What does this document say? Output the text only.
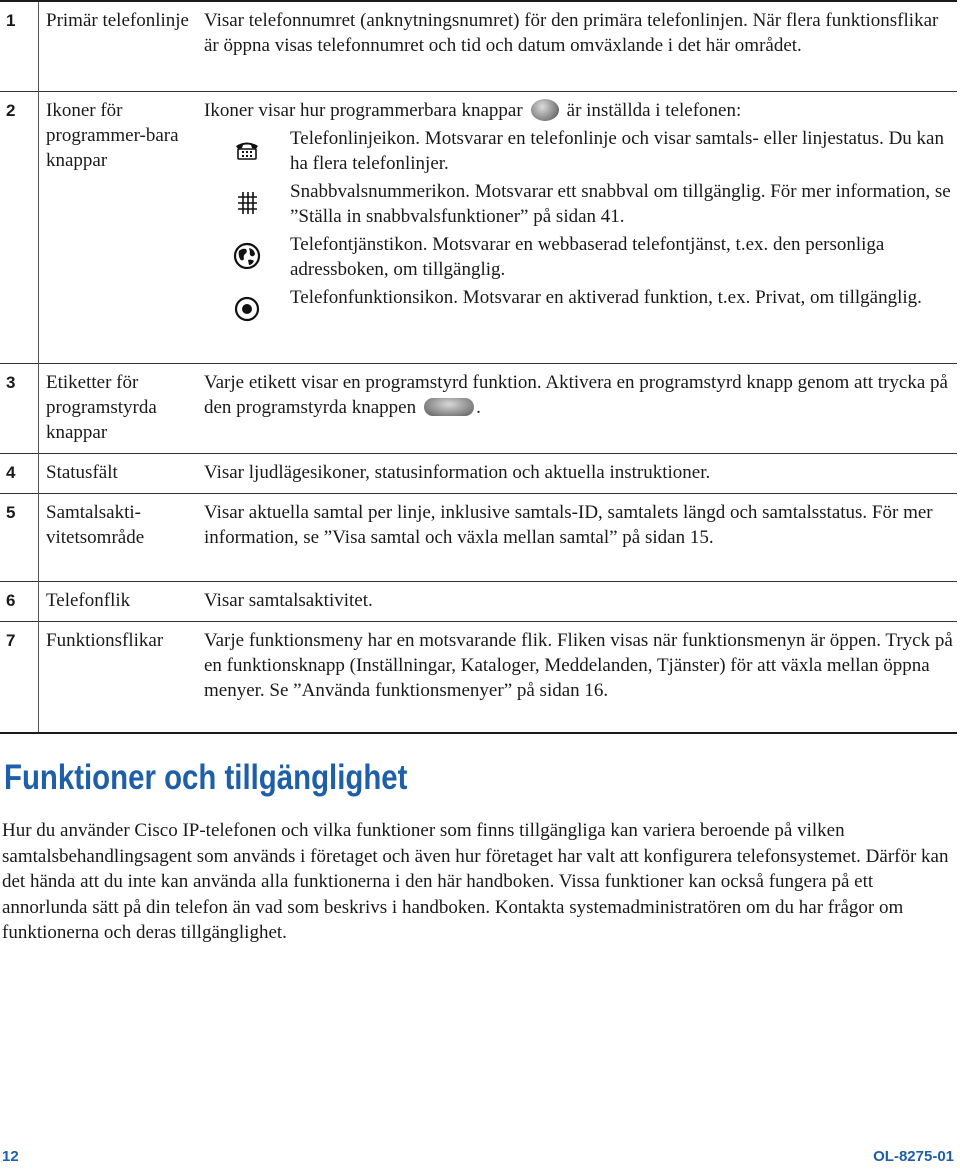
1	Primär telefonlinje	Visar telefonnumret (anknytningsnumret) för den primära telefonlinjen. När flera funktionsflikar är öppna visas telefonnumret och tid och datum omväxlande i det här området.
2	Ikoner för programmer-bara knappar	Ikoner visar hur programmerbara knappar är inställda i telefonen:
Telefonlinjeikon. Motsvarar en telefonlinje och visar samtals- eller linjestatus. Du kan ha flera telefonlinjer.
Snabbvalsnummerikon. Motsvarar ett snabbval om tillgänglig. För mer information, se ”Ställa in snabbvalsfunktioner” på sidan 41.
Telefontjänstikon. Motsvarar en webbaserad telefontjänst, t.ex. den personliga adressboken, om tillgänglig.
Telefonfunktionsikon. Motsvarar en aktiverad funktion, t.ex. Privat, om tillgänglig.

3	Etiketter för programstyrda knappar	Varje etikett visar en programstyrd funktion. Aktivera en programstyrd knapp genom att trycka på den programstyrda knappen .
4	Statusfält	Visar ljudlägesikoner, statusinformation och aktuella instruktioner.
5	Samtalsakti-vitetsområde	Visar aktuella samtal per linje, inklusive samtals-ID, samtalets längd och samtalsstatus. För mer information, se ”Visa samtal och växla mellan samtal” på sidan 15.
6	Telefonflik	Visar samtalsaktivitet.
7	Funktionsflikar	Varje funktionsmeny har en motsvarande flik. Fliken visas när funktionsmenyn är öppen. Tryck på en funktionsknapp (Inställningar, Kataloger, Meddelanden, Tjänster) för att växla mellan öppna menyer. Se ”Använda funktionsmenyer” på sidan 16.
Funktioner och tillgänglighet

Hur du använder Cisco IP-telefonen och vilka funktioner som finns tillgängliga kan variera beroende på vilken samtalsbehandlingsagent som används i företaget och även hur företaget har valt att konfigurera telefonsystemet. Därför kan det hända att du inte kan använda alla funktionerna i den här handboken. Vissa funktioner kan också fungera på ett annorlunda sätt på din telefon än vad som beskrivs i handboken. Kontakta systemadministratören om du har frågor om funktionerna och deras tillgänglighet.

12	OL-8275-01
